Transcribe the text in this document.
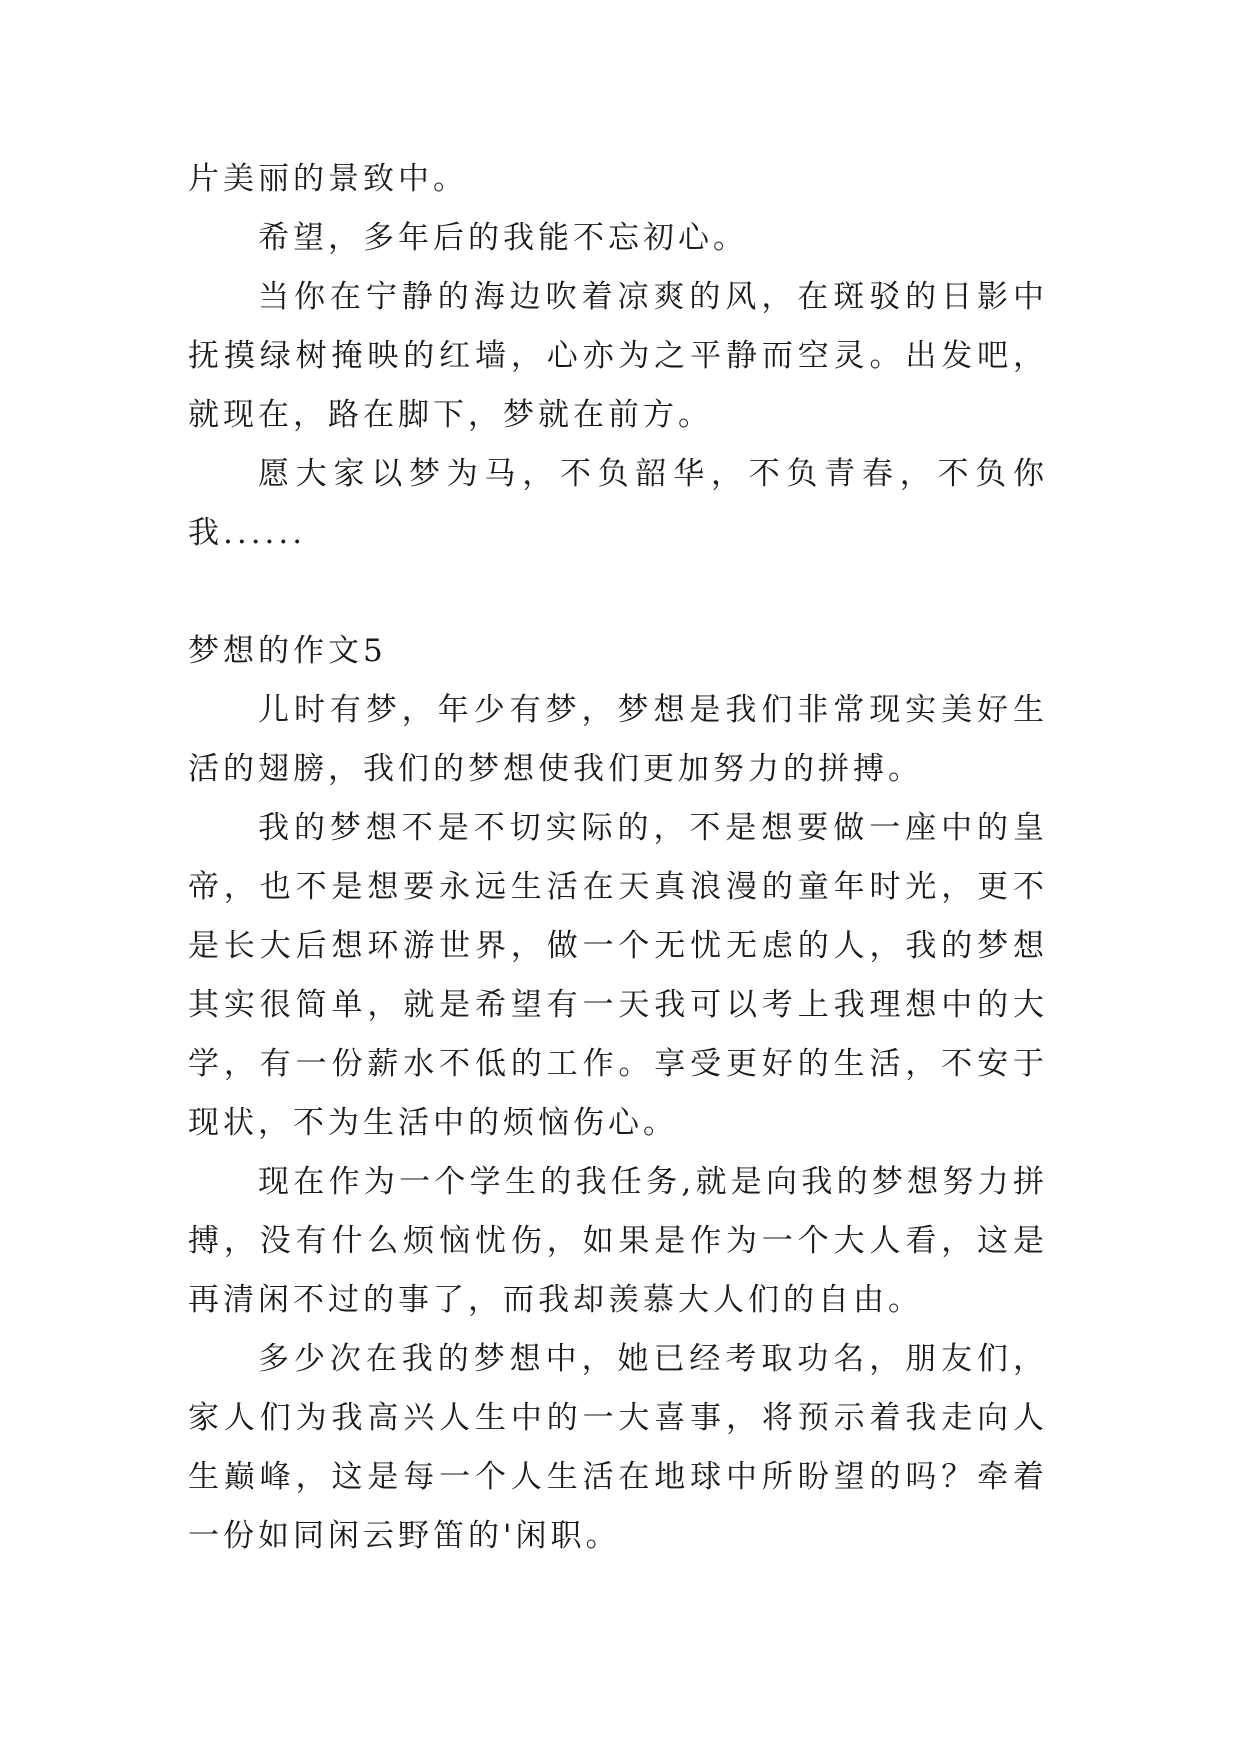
片美丽的景致中。

希望，多年后的我能不忘初心。

当你在宁静的海边吹着凉爽的风，在斑驳的日影中抚摸绿树掩映的红墙，心亦为之平静而空灵。出发吧，就现在，路在脚下，梦就在前方。

愿大家以梦为马，不负韶华，不负青春，不负你我......

梦想的作文5

儿时有梦，年少有梦，梦想是我们非常现实美好生活的翅膀，我们的梦想使我们更加努力的拼搏。

我的梦想不是不切实际的，不是想要做一座中的皇帝，也不是想要永远生活在天真浪漫的童年时光，更不是长大后想环游世界，做一个无忧无虑的人，我的梦想其实很简单，就是希望有一天我可以考上我理想中的大学，有一份薪水不低的工作。享受更好的生活，不安于现状，不为生活中的烦恼伤心。

现在作为一个学生的我任务,就是向我的梦想努力拼搏，没有什么烦恼忧伤，如果是作为一个大人看，这是再清闲不过的事了，而我却羡慕大人们的自由。

多少次在我的梦想中，她已经考取功名，朋友们，家人们为我高兴人生中的一大喜事，将预示着我走向人生巅峰，这是每一个人生活在地球中所盼望的吗？牵着一份如同闲云野笛的'闲职。
